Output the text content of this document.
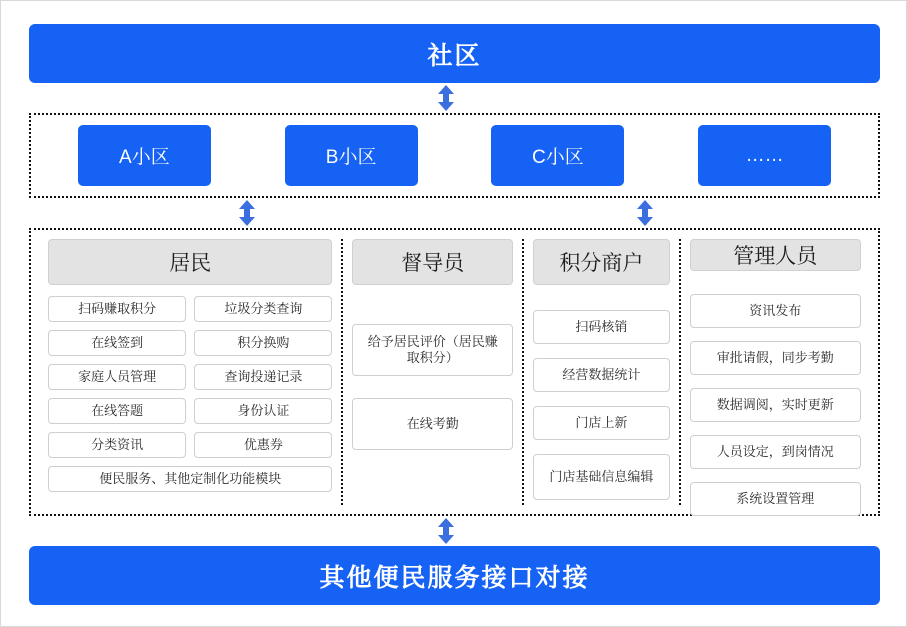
社区
A小区	B小区	C小区	……
居民
扫码赚取积分	垃圾分类查询
在线签到	积分换购
家庭人员管理	查询投递记录
在线答题	身份认证
分类资讯	优惠券
便民服务、其他定制化功能模块
督导员
给予居民评价（居民赚取积分）
在线考勤
积分商户
扫码核销
经营数据统计
门店上新
门店基础信息编辑
管理人员
资讯发布
审批请假，同步考勤
数据调阅，实时更新
人员设定，到岗情况
系统设置管理
其他便民服务接口对接
